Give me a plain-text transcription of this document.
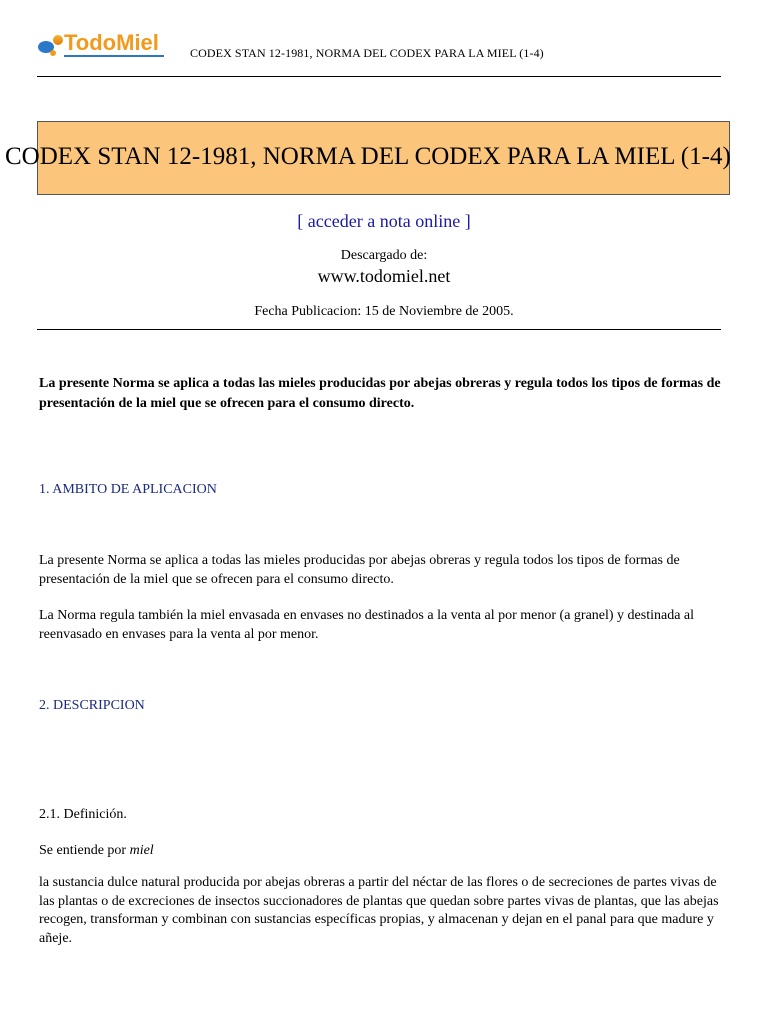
TodoMiel	CODEX STAN 12-1981, NORMA DEL CODEX PARA LA MIEL (1-4)
CODEX STAN 12-1981, NORMA DEL CODEX PARA LA MIEL (1-4)
[ acceder a nota online ]
Descargado de:
www.todomiel.net
Fecha Publicacion: 15 de Noviembre de 2005.
La presente Norma se aplica a todas las mieles producidas por abejas obreras y regula todos los tipos de formas de presentación de la miel que se ofrecen para el consumo directo.
1. AMBITO DE APLICACION
La presente Norma se aplica a todas las mieles producidas por abejas obreras y regula todos los tipos de formas de presentación de la miel que se ofrecen para el consumo directo.
La Norma regula también la miel envasada en envases no destinados a la venta al por menor (a granel) y destinada al reenvasado en envases para la venta al por menor.
2. DESCRIPCION
2.1. Definición.
Se entiende por miel
la sustancia dulce natural producida por abejas obreras a partir del néctar de las flores o de secreciones de partes vivas de las plantas o de excreciones de insectos succionadores de plantas que quedan sobre partes vivas de plantas, que las abejas recogen, transforman y combinan con sustancias específicas propias, y almacenan y dejan en el panal para que madure y añeje.
